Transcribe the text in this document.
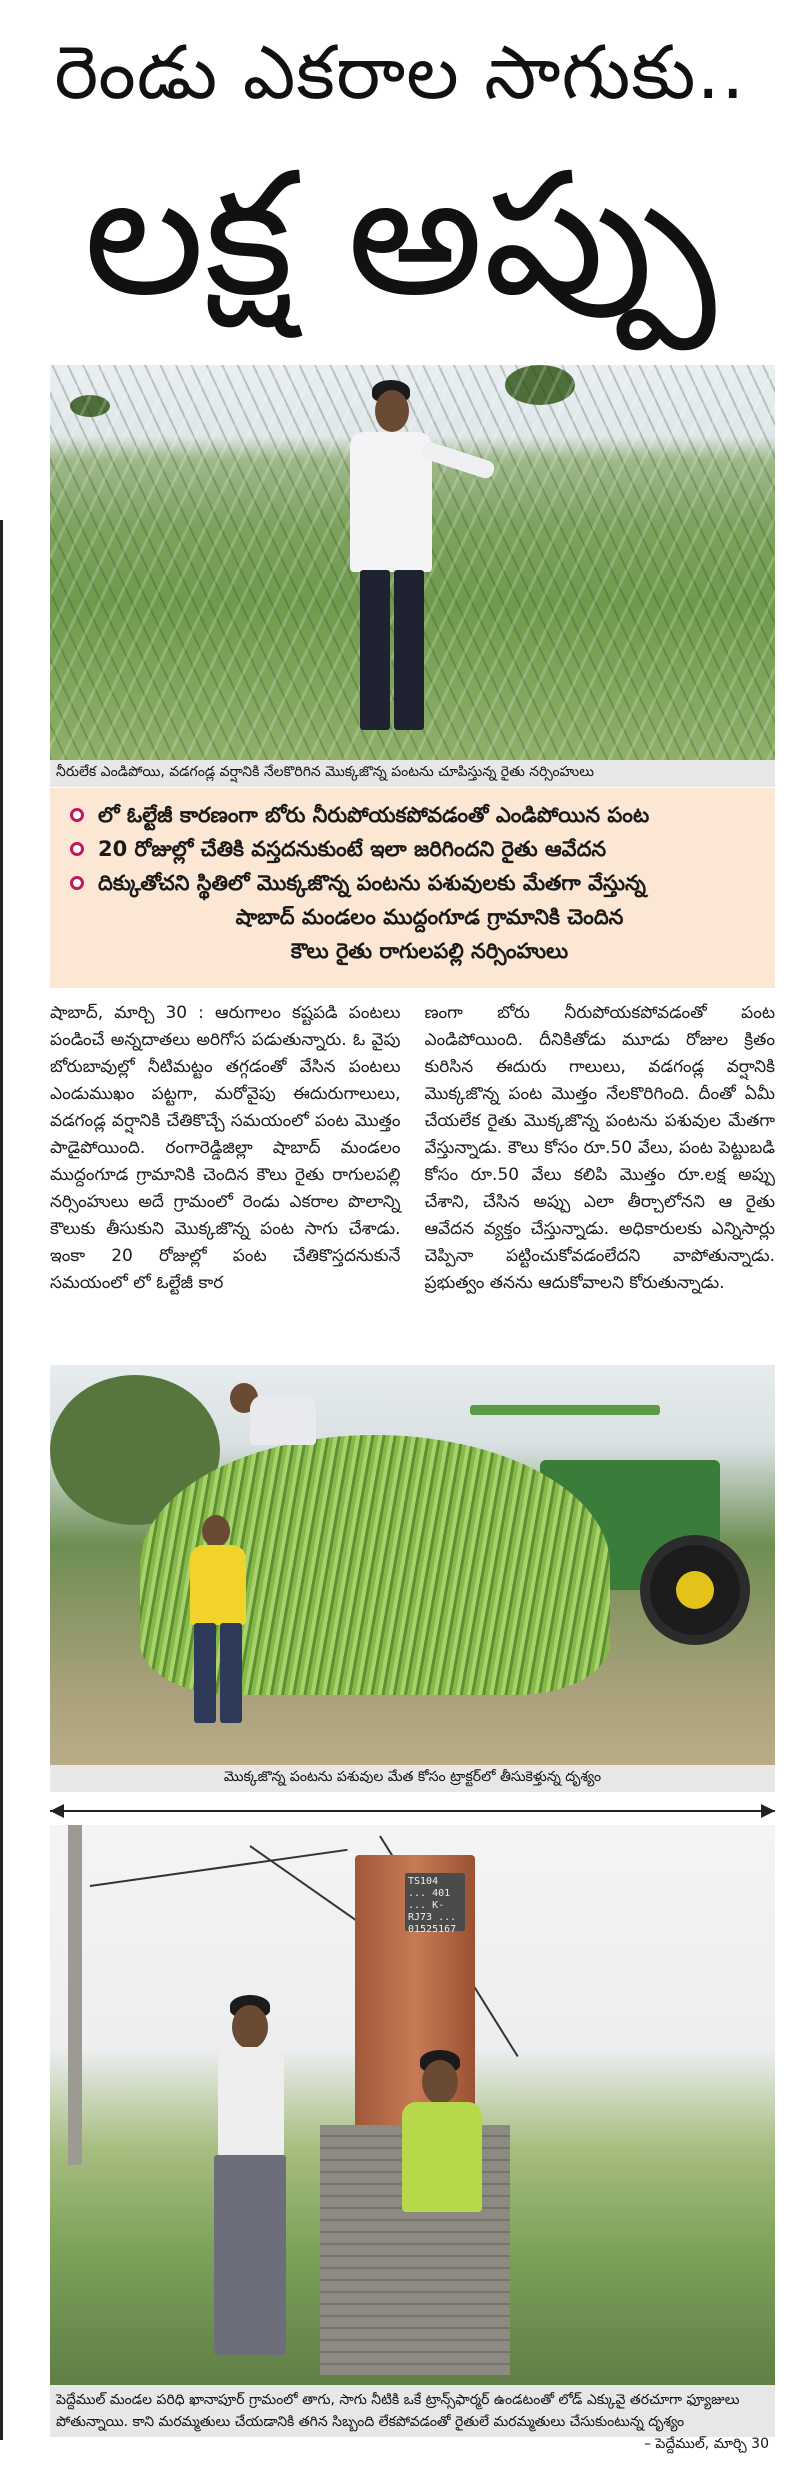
రెండు ఎకరాల సాగుకు..
లక్ష అప్పు
నీరులేక ఎండిపోయి, వడగండ్ల వర్షానికి నేలకొరిగిన మొక్కజొన్న పంటను చూపిస్తున్న రైతు నర్సింహులు
లో ఓల్టేజీ కారణంగా బోరు నీరుపోయకపోవడంతో ఎండిపోయిన పంట
20 రోజుల్లో చేతికి వస్తదనుకుంటే ఇలా జరిగిందని రైతు ఆవేదన
దిక్కుతోచని స్థితిలో మొక్కజొన్న పంటను పశువులకు మేతగా వేస్తున్న
షాబాద్ మండలం ముద్దంగూడ గ్రామానికి చెందిన
కౌలు రైతు రాగులపల్లి నర్సింహులు

షాబాద్, మార్చి 30 : ఆరుగాలం కష్టపడి పంటలు పండించే అన్నదాతలు అరిగోస పడుతున్నారు. ఓ వైపు బోరుబావుల్లో నీటిమట్టం తగ్గడంతో వేసిన పంటలు ఎండుముఖం పట్టగా, మరోవైపు ఈదురుగాలులు, వడగండ్ల వర్షానికి చేతికొచ్చే సమయంలో పంట మొత్తం పాడైపోయింది. రంగారెడ్డిజిల్లా షాబాద్ మండలం ముద్దంగూడ గ్రామానికి చెందిన కౌలు రైతు రాగులపల్లి నర్సింహులు అదే గ్రామంలో రెండు ఎకరాల పొలాన్ని కౌలుకు తీసుకుని మొక్కజొన్న పంట సాగు చేశాడు. ఇంకా 20 రోజుల్లో పంట చేతికొస్తదనుకునే సమయంలో లో ఓల్టేజీ కార

ణంగా బోరు నీరుపోయకపోవడంతో పంట ఎండిపోయింది. దీనికితోడు మూడు రోజుల క్రితం కురిసిన ఈదురు గాలులు, వడగండ్ల వర్షానికి మొక్కజొన్న పంట మొత్తం నేలకొరిగింది. దీంతో ఏమీ చేయలేక రైతు మొక్కజొన్న పంటను పశువుల మేతగా వేస్తున్నాడు. కౌలు కోసం రూ.50 వేలు, పంట పెట్టుబడి కోసం రూ.50 వేలు కలిపి మొత్తం రూ.లక్ష అప్పు చేశాని, చేసిన అప్పు ఎలా తీర్చాలోనని ఆ రైతు ఆవేదన వ్యక్తం చేస్తున్నాడు. అధికారులకు ఎన్నిసార్లు చెప్పినా పట్టించుకోవడంలేదని వాపోతున్నాడు. ప్రభుత్వం తనను ఆదుకోవాలని కోరుతున్నాడు.

మొక్కజొన్న పంటను పశువుల మేత కోసం ట్రాక్టర్‌లో తీసుకెళ్తున్న దృశ్యం
TS104 ... 401 ... K-RJ73 ... 01525167
పెద్దేముల్ మండల పరిధి ఖానాపూర్ గ్రామంలో తాగు, సాగు నీటికి ఒకే ట్రాన్స్‌ఫార్మర్ ఉండటంతో లోడ్ ఎక్కువై తరచూగా ఫ్యూజులు పోతున్నాయి. కాని మరమ్మతులు చేయడానికి తగిన సిబ్బంది లేకపోవడంతో రైతులే మరమ్మతులు చేసుకుంటున్న దృశ్యం
– పెద్దేముల్, మార్చి 30
